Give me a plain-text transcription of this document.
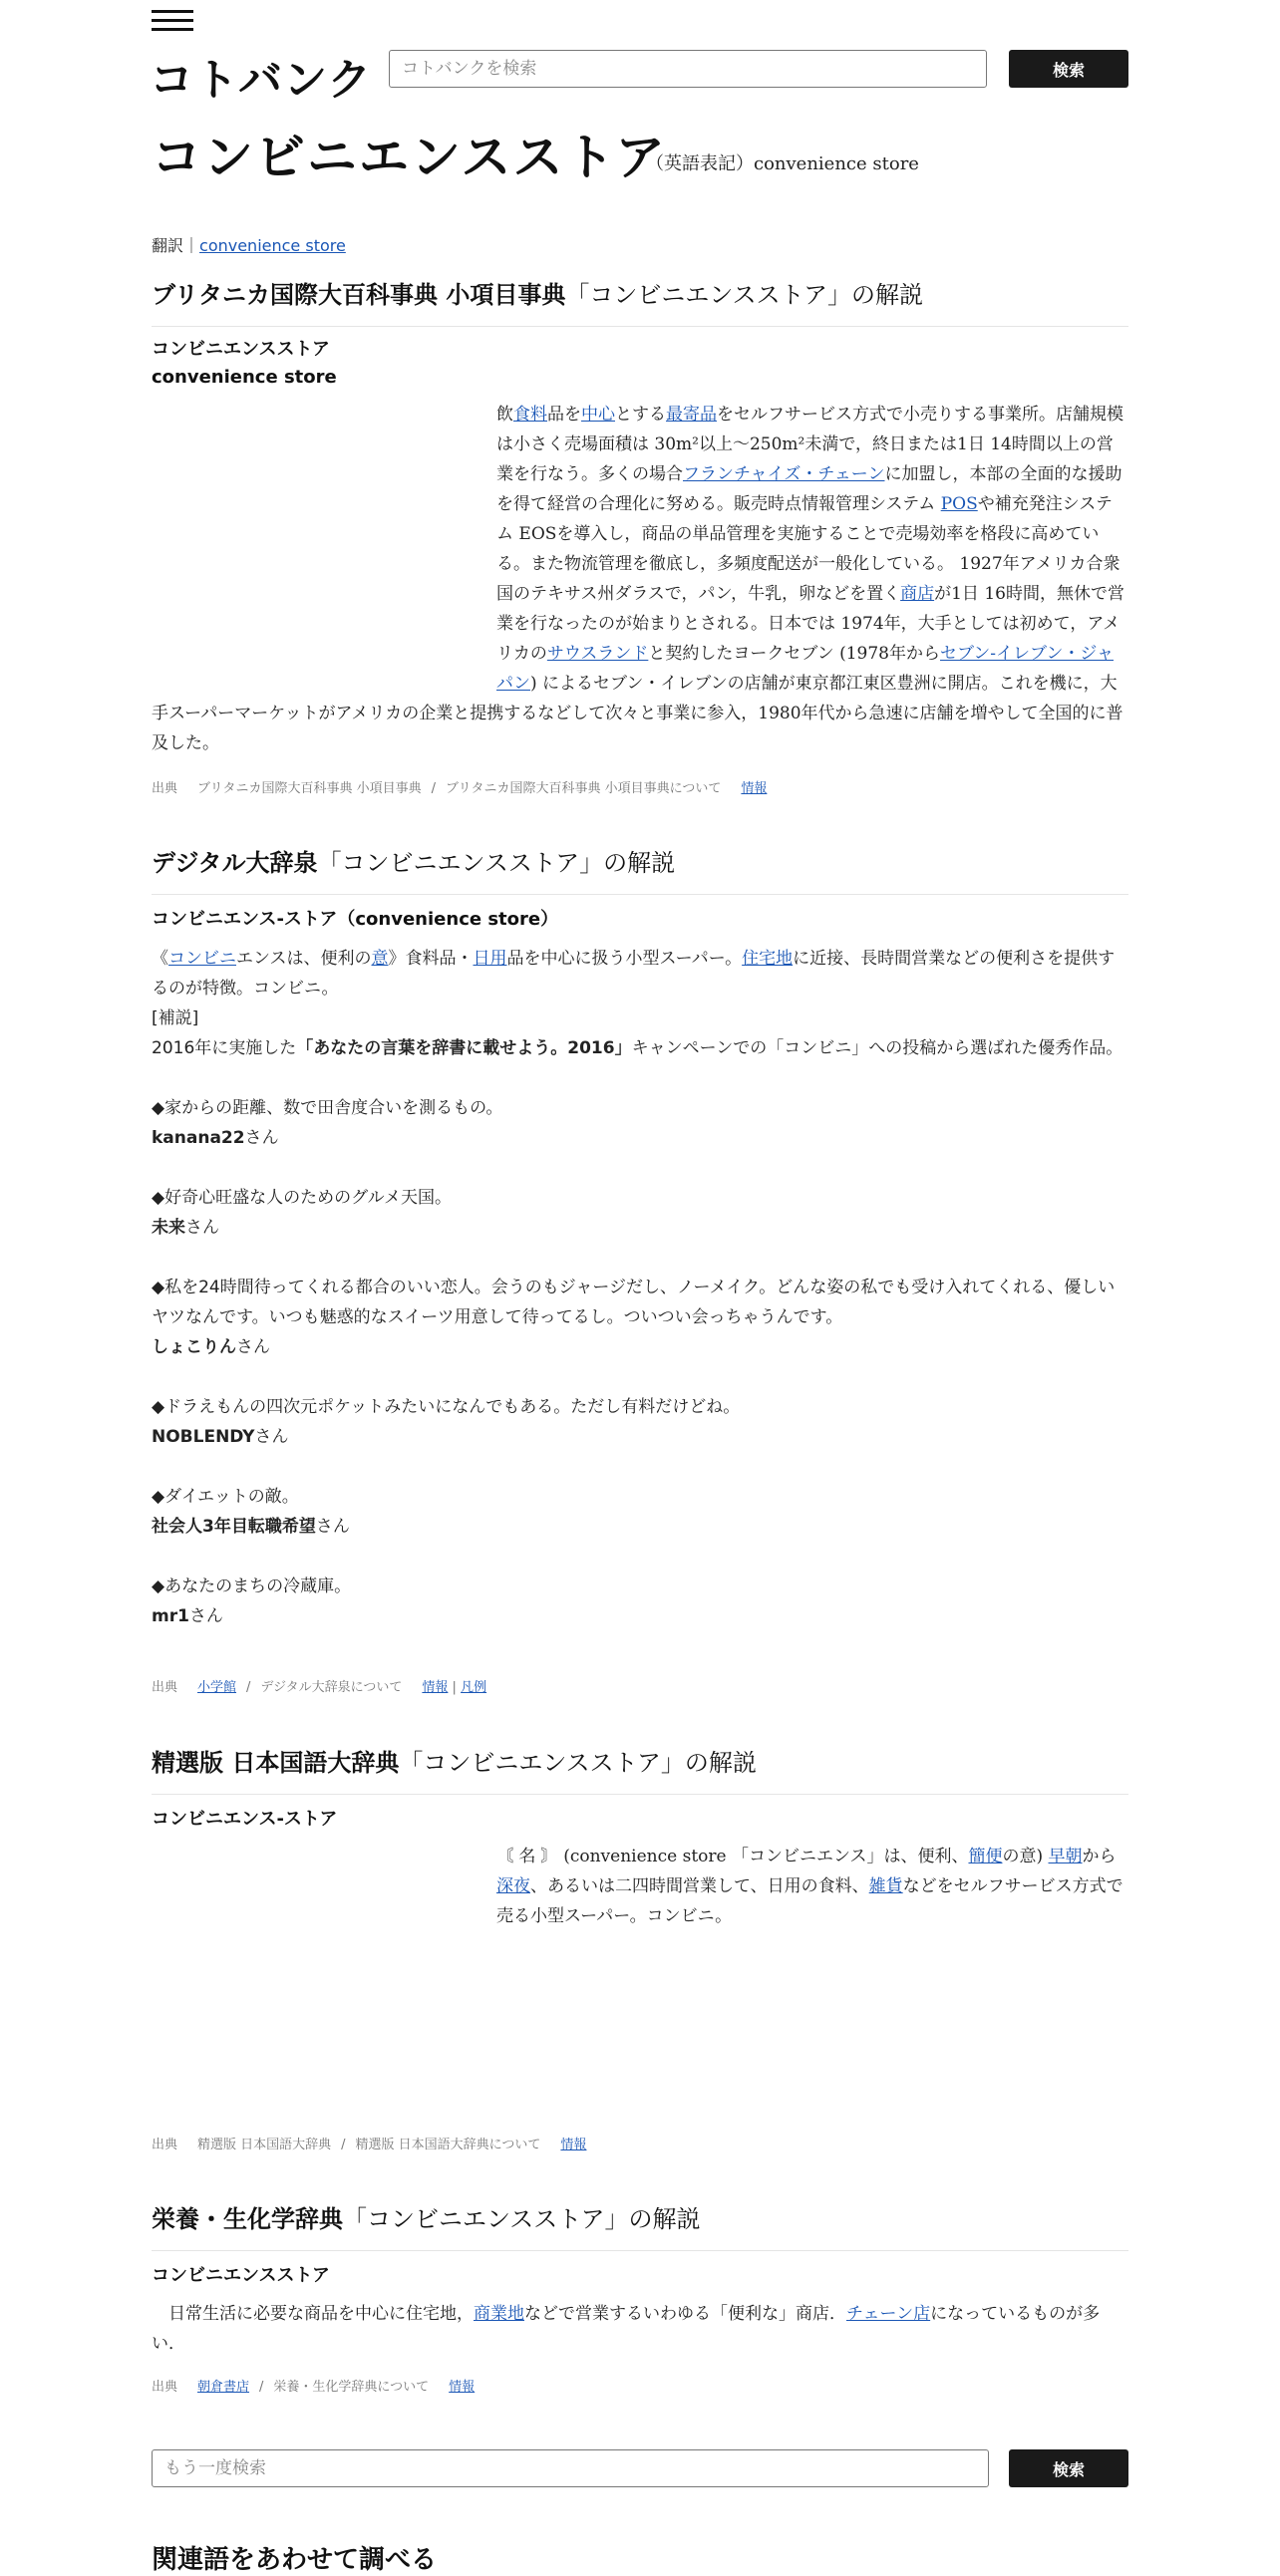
コトバンク
コトバンクを検索	検索
コンビニエンスストア
（英語表記）convenience store
翻訳｜convenience store
ブリタニカ国際大百科事典 小項目事典「コンビニエンスストア」の解説
コンビニエンスストア
convenience store
飲食料品を中心とする最寄品をセルフサービス方式で小売りする事業所。店舗規模は小さく売場面積は 30m²以上～250m²未満で，終日または1日 14時間以上の営業を行なう。多くの場合フランチャイズ・チェーンに加盟し，本部の全面的な援助を得て経営の合理化に努める。販売時点情報管理システム POSや補充発注システム EOSを導入し，商品の単品管理を実施することで売場効率を格段に高めている。また物流管理を徹底し，多頻度配送が一般化している。 1927年アメリカ合衆国のテキサス州ダラスで，パン，牛乳，卵などを置く商店が1日 16時間，無休で営業を行なったのが始まりとされる。日本では 1974年，大手としては初めて，アメリカのサウスランドと契約したヨークセブン (1978年からセブン-イレブン・ジャパン) によるセブン・イレブンの店舗が東京都江東区豊洲に開店。これを機に，大手スーパーマーケットがアメリカの企業と提携するなどして次々と事業に参入，1980年代から急速に店舗を増やして全国的に普及した。
出典 ブリタニカ国際大百科事典 小項目事典 / ブリタニカ国際大百科事典 小項目事典について 情報
デジタル大辞泉「コンビニエンスストア」の解説
コンビニエンス-ストア（convenience store）

《コンビニエンスは、便利の意》食料品・日用品を中心に扱う小型スーパー。住宅地に近接、長時間営業などの便利さを提供するのが特徴。コンビニ。

[補説]

2016年に実施した「あなたの言葉を辞書に載せよう。2016」キャンペーンでの「コンビニ」への投稿から選ばれた優秀作品。

◆家からの距離、数で田舎度合いを測るもの。

kanana22さん

◆好奇心旺盛な人のためのグルメ天国。

未来さん

◆私を24時間待ってくれる都合のいい恋人。会うのもジャージだし、ノーメイク。どんな姿の私でも受け入れてくれる、優しいヤツなんです。いつも魅惑的なスイーツ用意して待ってるし。ついつい会っちゃうんです。

しょこりんさん

◆ドラえもんの四次元ポケットみたいになんでもある。ただし有料だけどね。

NOBLENDYさん

◆ダイエットの敵。

社会人3年目転職希望さん

◆あなたのまちの冷蔵庫。

mr1さん

出典 小学館 / デジタル大辞泉について 情報 | 凡例
精選版 日本国語大辞典「コンビニエンスストア」の解説
コンビニエンス-ストア
〘 名 〙 (convenience store 「コンビニエンス」は、便利、簡便の意) 早朝から深夜、あるいは二四時間営業して、日用の食料、雑貨などをセルフサービス方式で売る小型スーパー。コンビニ。
出典 精選版 日本国語大辞典 / 精選版 日本国語大辞典について 情報
栄養・生化学辞典「コンビニエンスストア」の解説
コンビニエンスストア
　日常生活に必要な商品を中心に住宅地，商業地などで営業するいわゆる「便利な」商店．チェーン店になっているものが多い．
出典 朝倉書店 / 栄養・生化学辞典について 情報
もう一度検索
検索
関連語をあわせて調べる
